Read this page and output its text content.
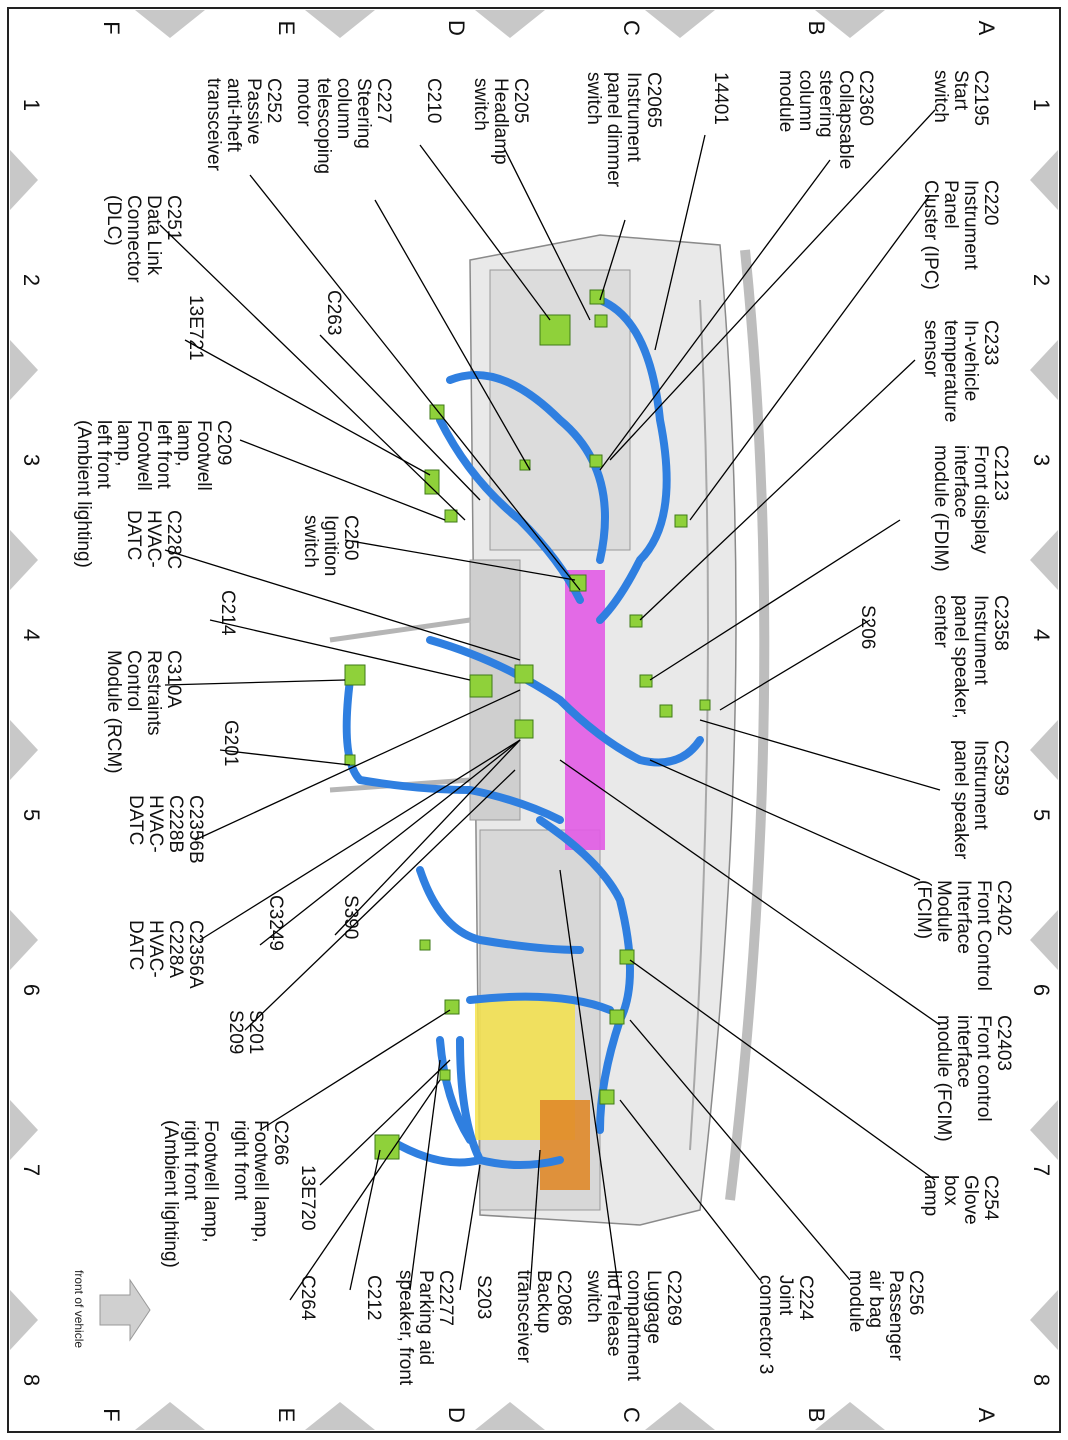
A
B
C
D
E
F
A
B
C
D
E
F
1
2
3
4
5
6
7
8
1
2
3
4
5
6
7
8
C2195
Start
switch
C2360
Collapsable
steering
column
module
14401
C2065
Instrument
panel dimmer
switch
C205
Headlamp
switch
C210
C227
Steering
column
telescoping
motor
C252
Passive
anti-theft
transceiver
C220
Instrument
Panel
Cluster (IPC)
C233
In-vehicle
temperature
sensor
C2123
Front display
interface
module (FDIM)
S206	C2358
Instrument
panel speaker,
center
C2359
Instrument
panel speaker
C2402
Front Control
Interface
Module
(FCIM)
C2403
Front control
interface
module (FCIM)
C254
Glove
box
lamp
C256
Passenger
air bag
module
C224
Joint
connector 3
C2269
Luggage
compartment
lid release
switch
C2086
Backup
transceiver
S203
C2277
Parking aid
speaker, front
C212
C264
13E720
C266
Footwell lamp,
right front
Footwell lamp,
right front
(Ambient lighting)
S201
S209
S390
C3249
C2356A
C228A
HVAC-
DATC
C2356B
C228B
HVAC-
DATC
G201
C310A
Restraints
Control
Module (RCM)
C214
C228C
HVAC-
DATC	C250
Ignition
switch
C209
Footwell
lamp,
left front
Footwell
lamp,
left front
(Ambient lighting)
13E721	C263
C251
Data Link
Connector
(DLC)
front of vehicle
